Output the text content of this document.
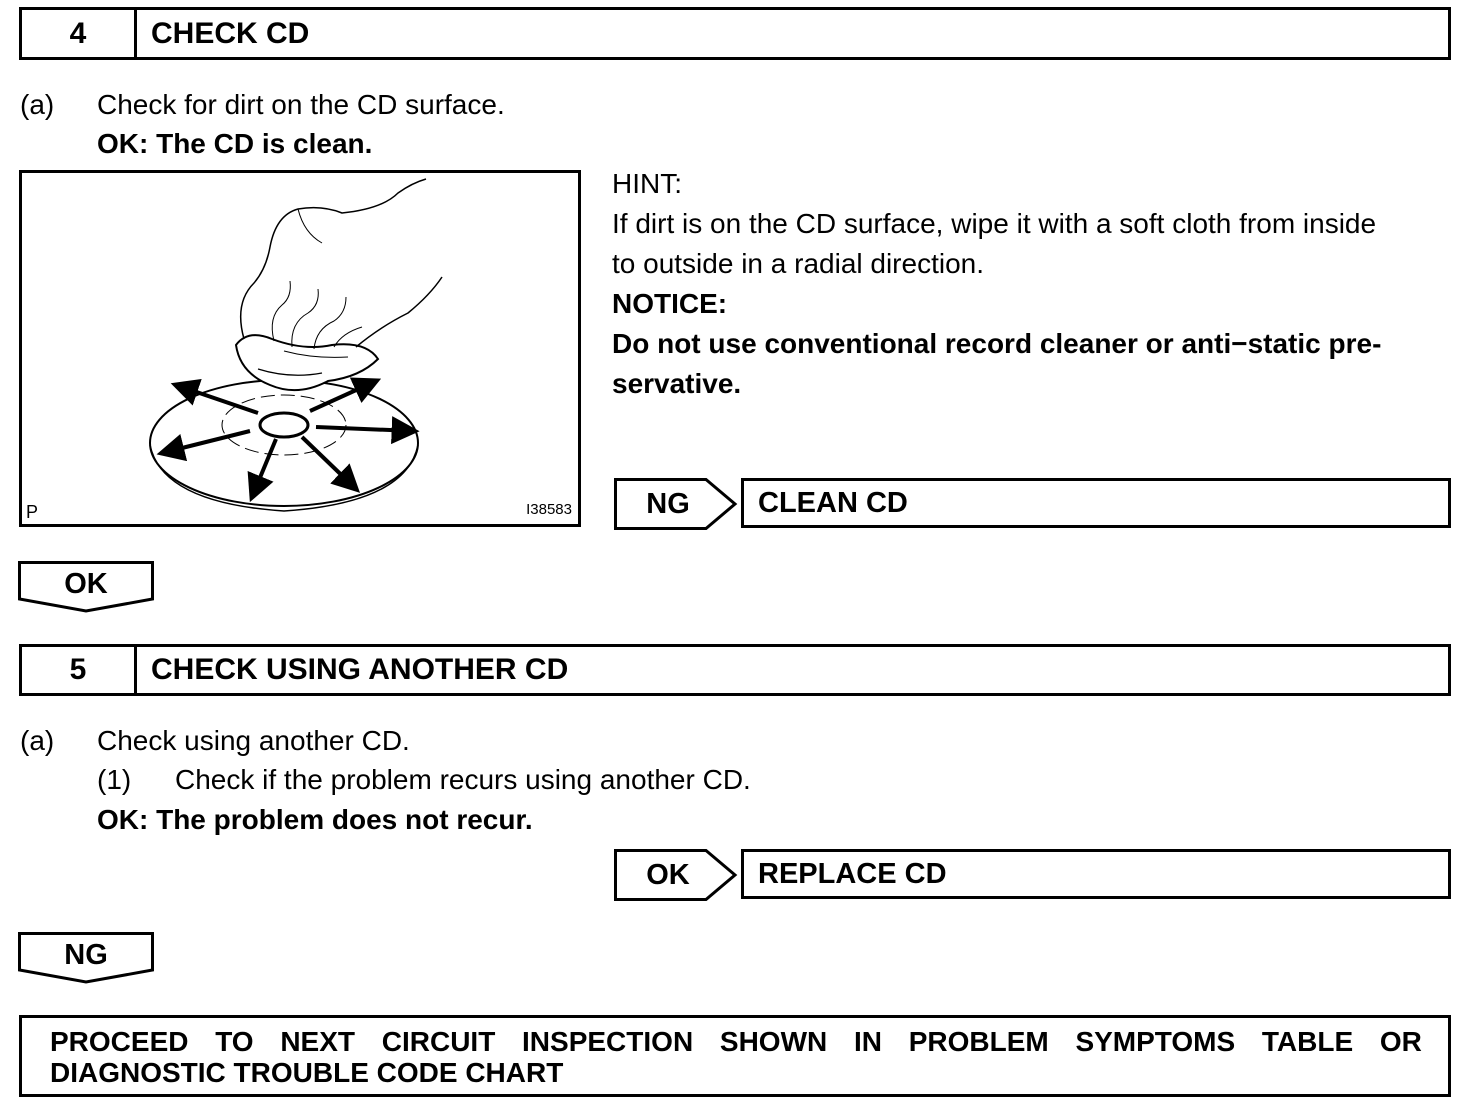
4	CHECK CD
(a) Check for dirt on the CD surface.
OK: The CD is clean.
P	I38583
HINT:
If dirt is on the CD surface, wipe it with a soft cloth from inside
to outside in a radial direction.
NOTICE:
Do not use conventional record cleaner or anti−static pre-
servative.
NG	CLEAN CD
OK
5	CHECK USING ANOTHER CD
(a) Check using another CD.
(1) Check if the problem recurs using another CD.
OK: The problem does not recur.
OK	REPLACE CD
NG
PROCEED TO NEXT CIRCUIT INSPECTION SHOWN IN PROBLEM SYMPTOMS TABLE OR
DIAGNOSTIC TROUBLE CODE CHART
